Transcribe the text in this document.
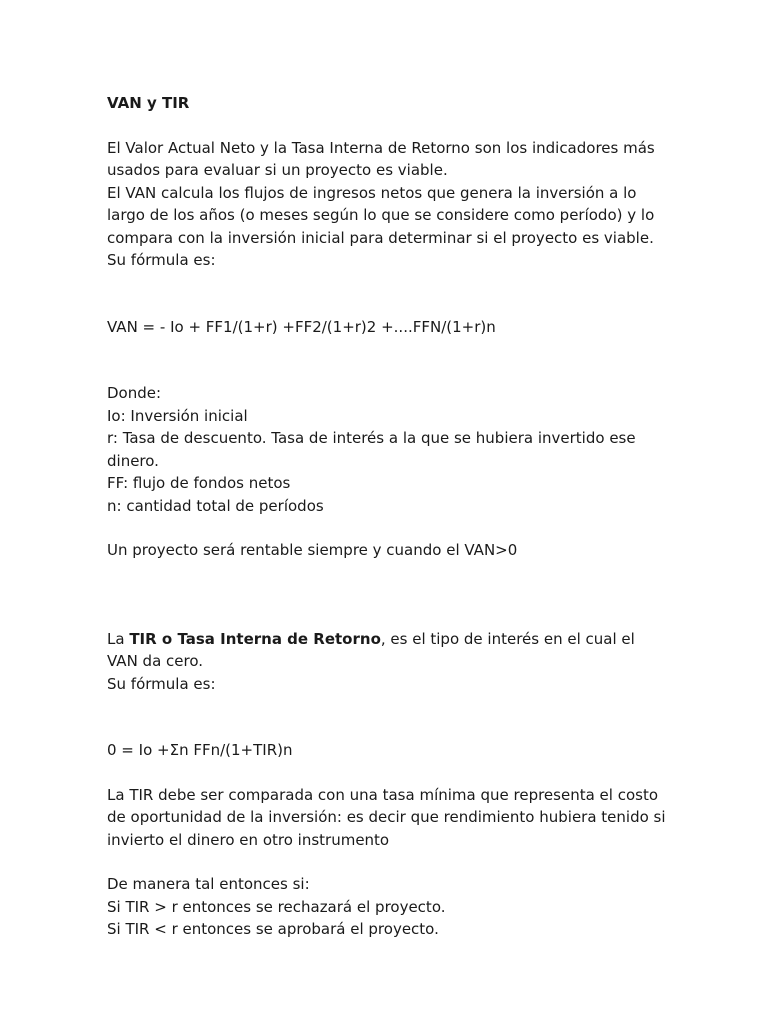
VAN y TIR

El Valor Actual Neto y la Tasa Interna de Retorno son los indicadores más usados para evaluar si un proyecto es viable.

El VAN calcula los flujos de ingresos netos que genera la inversión a lo largo de los años (o meses según lo que se considere como período) y lo compara con la inversión inicial para determinar si el proyecto es viable.

Su fórmula es:

VAN = - Io + FF1/(1+r) +FF2/(1+r)2 +....FFN/(1+r)n

Donde:

Io: Inversión inicial

r: Tasa de descuento. Tasa de interés a la que se hubiera invertido ese dinero.

FF: flujo de fondos netos

n: cantidad total de períodos

Un proyecto será rentable siempre y cuando el VAN>0

La TIR o Tasa Interna de Retorno, es el tipo de interés en el cual el VAN da cero.

Su fórmula es:

0 = Io +Σn FFn/(1+TIR)n

La TIR debe ser comparada con una tasa mínima que representa el costo de oportunidad de la inversión: es decir que rendimiento hubiera tenido si invierto el dinero en otro instrumento

De manera tal entonces si:

Si TIR > r entonces se rechazará el proyecto.

Si TIR < r entonces se aprobará el proyecto.
